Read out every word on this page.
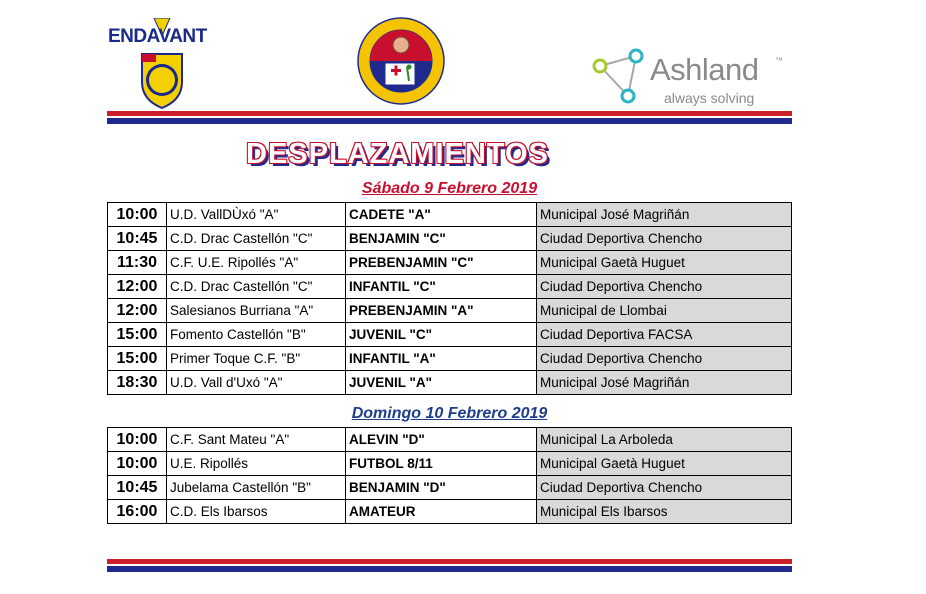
ENDAVANT
Ashland ™
always solving
DESPLAZAMIENTOS
Sábado 9 Febrero 2019
10:00	U.D. VallDÙxó "A"	CADETE "A"	Municipal José Magriñán
10:45	C.D. Drac Castellón "C"	BENJAMIN "C"	Ciudad Deportiva Chencho
11:30	C.F. U.E. Ripollés "A"	PREBENJAMIN "C"	Municipal Gaetà Huguet
12:00	C.D. Drac Castellón "C"	INFANTIL "C"	Ciudad Deportiva Chencho
12:00	Salesianos Burriana "A"	PREBENJAMIN "A"	Municipal de Llombai
15:00	Fomento Castellón "B"	JUVENIL "C"	Ciudad Deportiva FACSA
15:00	Primer Toque C.F. "B"	INFANTIL "A"	Ciudad Deportiva Chencho
18:30	U.D. Vall d'Uxó "A"	JUVENIL "A"	Municipal José Magriñán
Domingo 10 Febrero 2019
10:00	C.F. Sant Mateu "A"	ALEVIN "D"	Municipal La Arboleda
10:00	U.E. Ripollés	FUTBOL 8/11	Municipal Gaetà Huguet
10:45	Jubelama Castellón "B"	BENJAMIN "D"	Ciudad Deportiva Chencho
16:00	C.D. Els Ibarsos	AMATEUR	Municipal Els Ibarsos
